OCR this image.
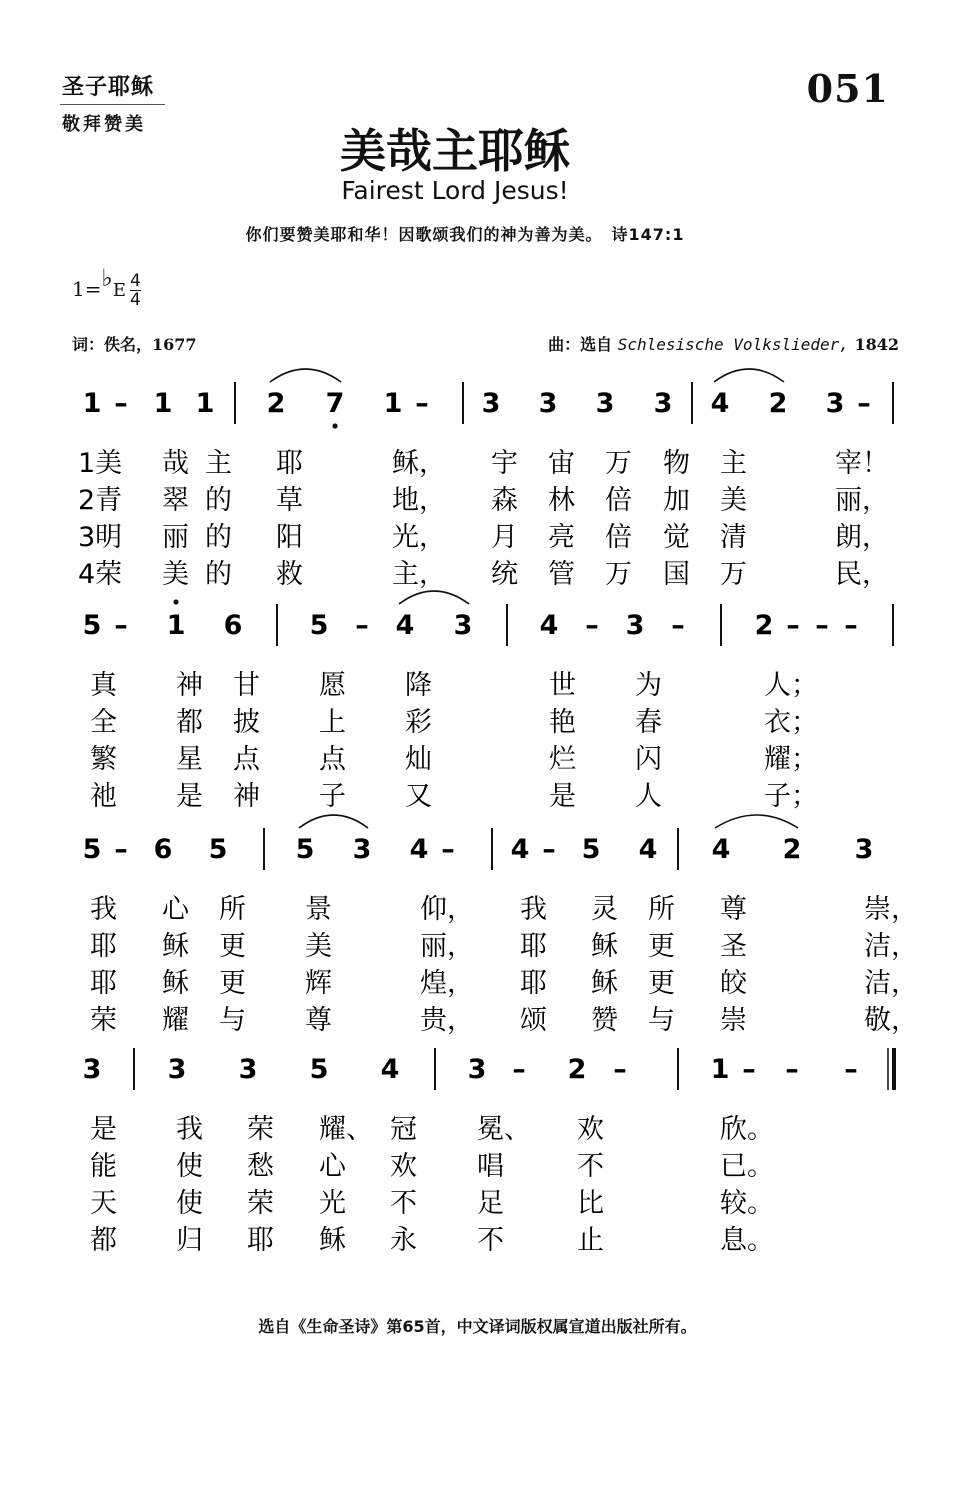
圣子耶稣
敬拜赞美
051
美哉主耶稣
Fairest Lord Jesus!
你们要赞美耶和华！因歌颂我们的神为善为美。　诗147:1
1=♭E $\frac{4}{4}$
词：佚名，1677	曲：选自 Schlesische Volkslieder, 1842
1 – 1 1 2 7 1 – 3 3 3 3 4 2 3 –
1美 哉 主 耶	稣， 宇 宙 万 物 主	宰！
2青 翠 的 草	地， 森 林 倍 加 美	丽，
3明 丽 的 阳	光， 月 亮 倍 觉 清	朗，
4荣 美 的 救	主， 统 管 万 国 万	民，
5 – 1 6 5 – 4 3 4 – 3 –	2 – – –
真 神 甘 愿 降	世 为	人；
全 都 披 上 彩	艳 春	衣；
繁 星 点 点 灿	烂 闪	耀；
祂 是 神 子 又	是 人	子；
5 – 6 5	5 3 4 – 4 – 5 4 4 2 3
我 心 所 景	仰， 我 灵 所 尊	崇，
耶 稣 更 美	丽， 耶 稣 更 圣	洁，
耶 稣 更 辉	煌， 耶 稣 更 皎	洁，
荣 耀 与 尊	贵， 颂 赞 与 崇	敬，
3 3 3 5 4	3 – 2 –	1 – – –
是 我 荣 耀、 冠 冕、 欢	欣。
能 使 愁 心 欢 唱	不	已。
天 使 荣 光 不 足	比	较。
都 归 耶 稣 永 不	止	息。
选自《生命圣诗》第65首，中文译词版权属宣道出版社所有。
